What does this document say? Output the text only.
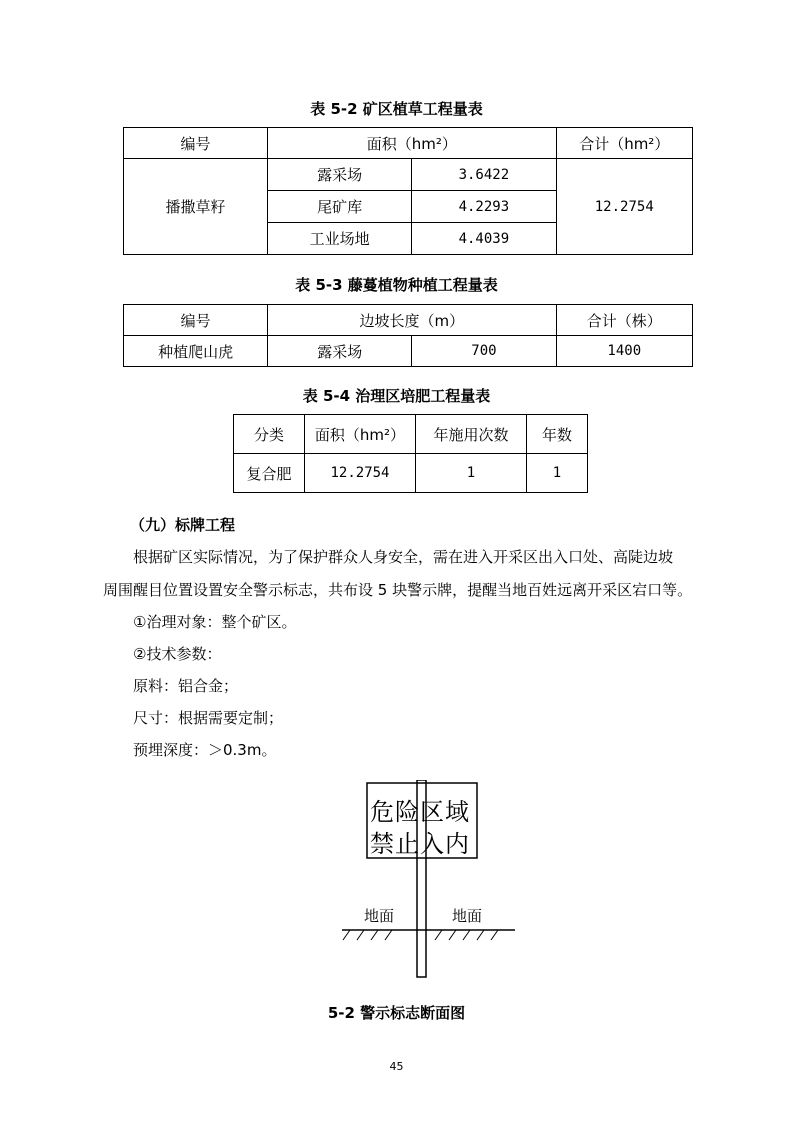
表 5-2 矿区植草工程量表
编号	面积（hm²）		合计（hm²）
播撒草籽	露采场	3.6422	12.2754
	尾矿库	4.2293	
	工业场地	4.4039	
表 5-3 藤蔓植物种植工程量表
编号	边坡长度（m）		合计（株）
种植爬山虎	露采场	700	1400
表 5-4 治理区培肥工程量表
分类	面积（hm²）	年施用次数	年数
复合肥	12.2754	1	1
（九）标牌工程
根据矿区实际情况，为了保护群众人身安全，需在进入开采区出入口处、高陡边坡
周围醒目位置设置安全警示标志，共布设 5 块警示牌，提醒当地百姓远离开采区宕口等。
①治理对象：整个矿区。
②技术参数：
原料：铝合金；
尺寸：根据需要定制；
预埋深度：＞0.3m。
危险区域
禁止入内
地面	地面
5-2 警示标志断面图
45
